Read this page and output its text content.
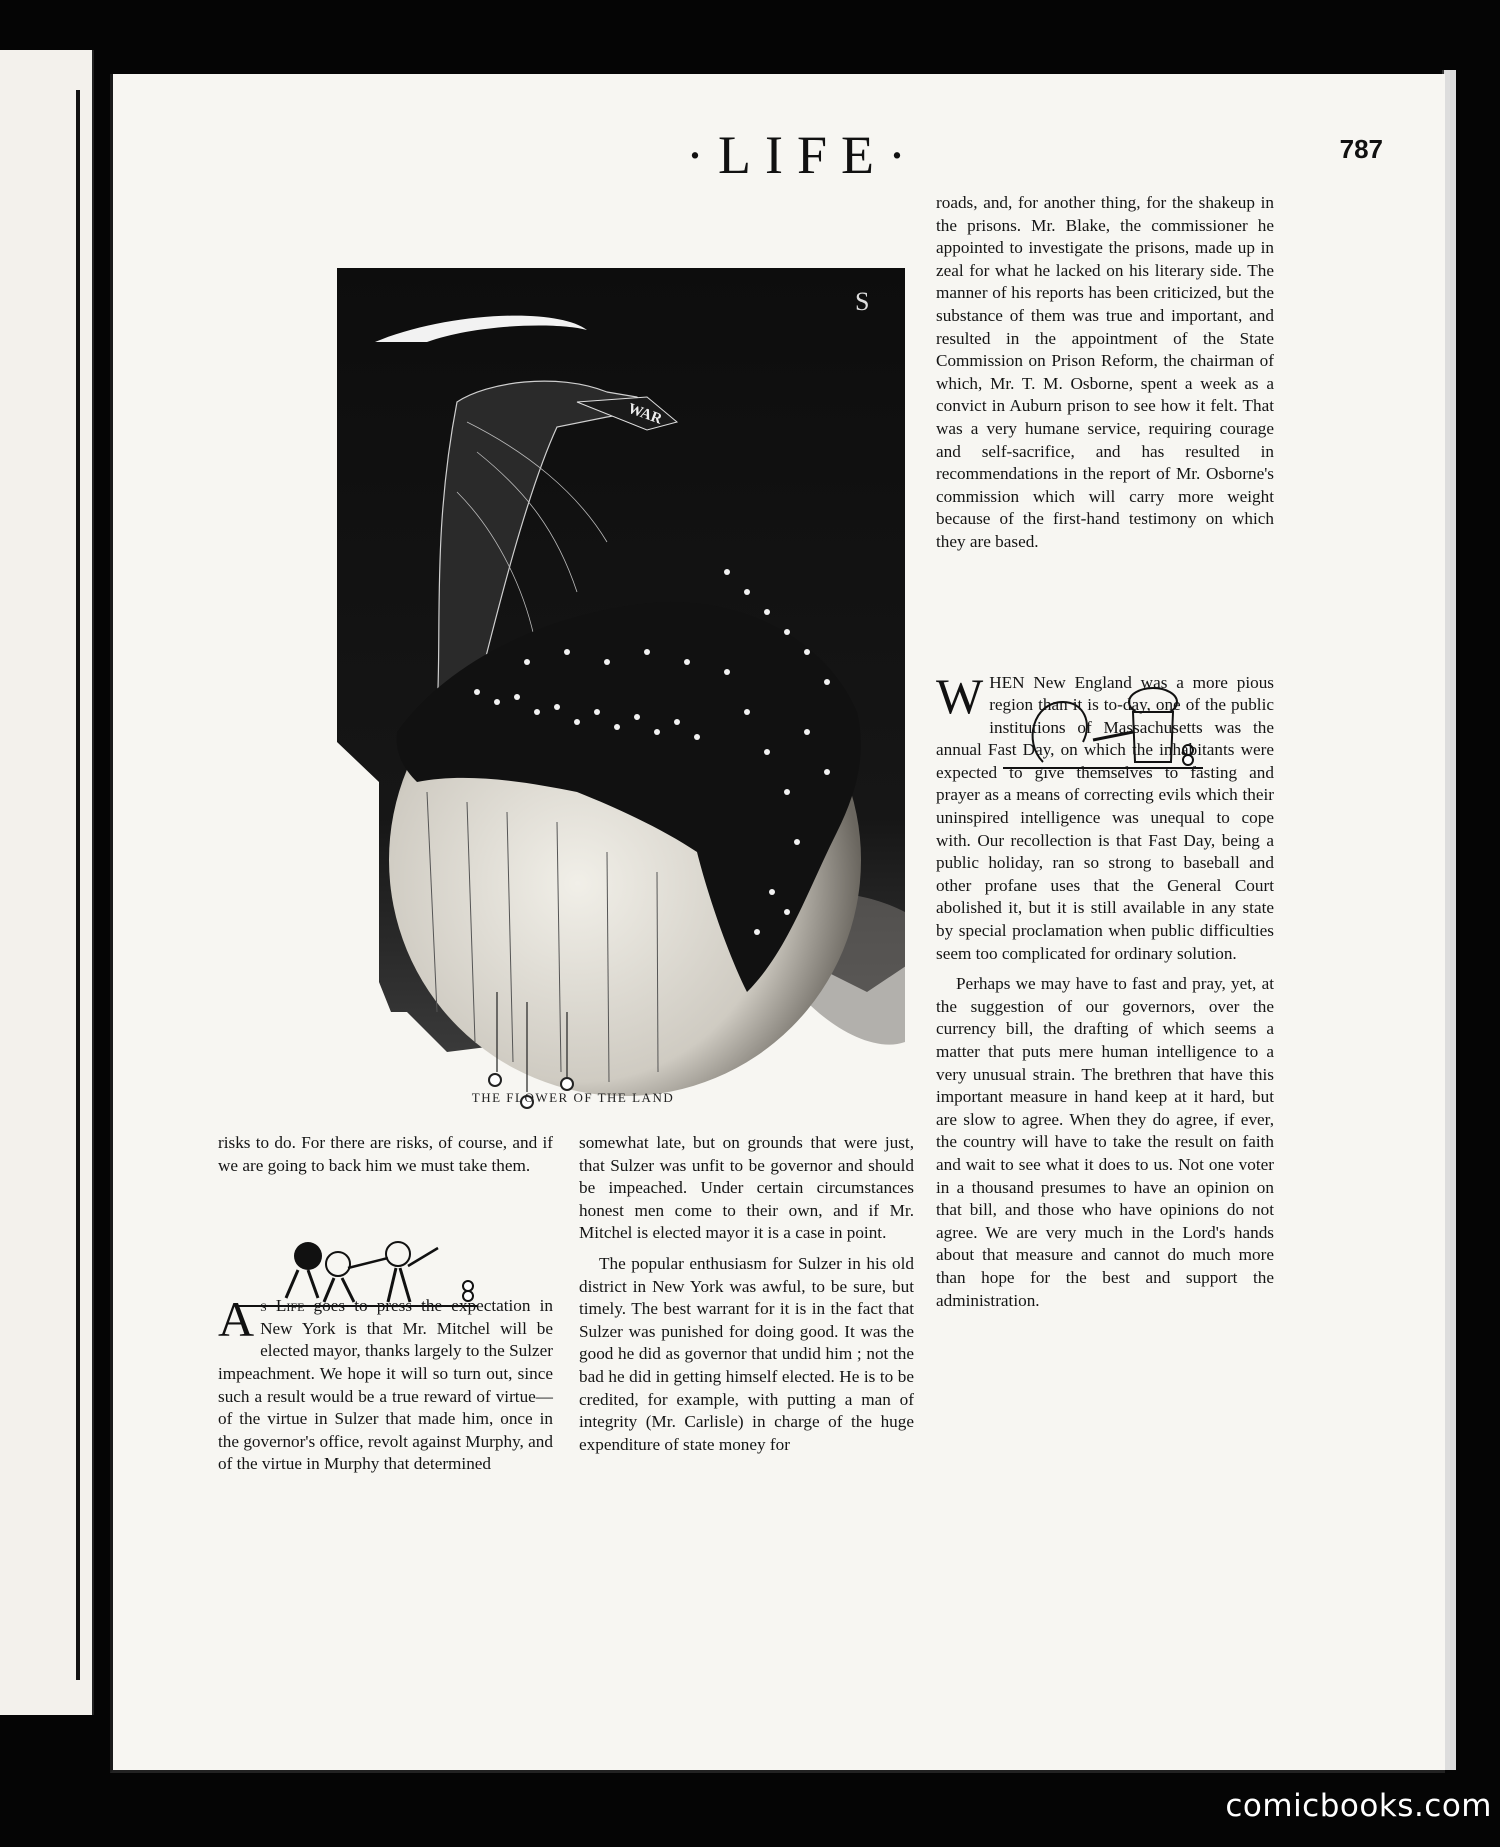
·LIFE·	787
WAR
S
THE FLOWER OF THE LAND

risks to do. For there are risks, of course, and if we are going to back him we must take them.

As Life goes to press the expectation in New York is that Mr. Mitchel will be elected mayor, thanks largely to the Sulzer impeachment. We hope it will so turn out, since such a result would be a true reward of virtue—of the virtue in Sulzer that made him, once in the governor's office, revolt against Murphy, and of the virtue in Murphy that determined

somewhat late, but on grounds that were just, that Sulzer was unfit to be governor and should be impeached. Under certain circumstances honest men come to their own, and if Mr. Mitchel is elected mayor it is a case in point.

The popular enthusiasm for Sulzer in his old district in New York was awful, to be sure, but timely. The best warrant for it is in the fact that Sulzer was punished for doing good. It was the good he did as governor that undid him ; not the bad he did in getting himself elected. He is to be credited, for example, with putting a man of integrity (Mr. Carlisle) in charge of the huge expenditure of state money for

roads, and, for another thing, for the shakeup in the prisons. Mr. Blake, the commissioner he appointed to investigate the prisons, made up in zeal for what he lacked on his literary side. The manner of his reports has been criticized, but the substance of them was true and important, and resulted in the appointment of the State Commission on Prison Reform, the chairman of which, Mr. T. M. Osborne, spent a week as a convict in Auburn prison to see how it felt. That was a very humane service, requiring courage and self-sacrifice, and has resulted in recommendations in the report of Mr. Osborne's commission which will carry more weight because of the first-hand testimony on which they are based.

WHEN New England was a more pious region than it is to-day, one of the public institutions of Massachusetts was the annual Fast Day, on which the inhabitants were expected to give themselves to fasting and prayer as a means of correcting evils which their uninspired intelligence was unequal to cope with. Our recollection is that Fast Day, being a public holiday, ran so strong to baseball and other profane uses that the General Court abolished it, but it is still available in any state by special proclamation when public difficulties seem too complicated for ordinary solution.

Perhaps we may have to fast and pray, yet, at the suggestion of our governors, over the currency bill, the drafting of which seems a matter that puts mere human intelligence to a very unusual strain. The brethren that have this important measure in hand keep at it hard, but are slow to agree. When they do agree, if ever, the country will have to take the result on faith and wait to see what it does to us. Not one voter in a thousand presumes to have an opinion on that bill, and those who have opinions do not agree. We are very much in the Lord's hands about that measure and cannot do much more than hope for the best and support the administration.

comicbooks.com
